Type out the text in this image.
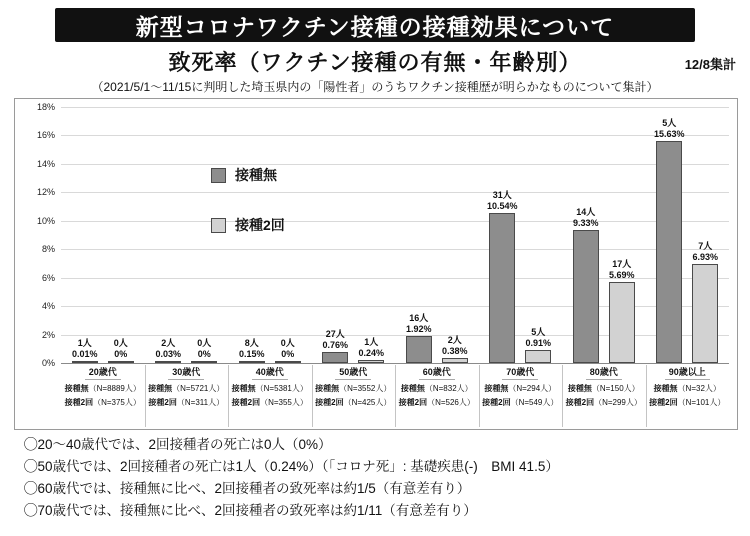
新型コロナワクチン接種の接種効果について
致死率（ワクチン接種の有無・年齢別）	12/8集計
（2021/5/1〜11/15に判明した埼玉県内の「陽性者」のうちワクチン接種歴が明らかなものについて集計）
0%
2%
4%
6%
8%
10%
12%
14%
16%
18%
1人
0.01%
0人
0%
2人
0.03%
0人
0%
8人
0.15%
0人
0%
27人
0.76%	1人
0.24%
16人
1.92%
2人
0.38%
31人
10.54%
5人
0.91%
14人
9.33%
17人
5.69%
5人
15.63%
7人
6.93%
接種無
接種2回
20歳代
接種無（N=8889人）
接種2回（N=375人）
30歳代
接種無（N=5721人）
接種2回（N=311人）
40歳代
接種無（N=5381人）
接種2回（N=355人）
50歳代
接種無（N=3552人）
接種2回（N=425人）
60歳代
接種無（N=832人）
接種2回（N=526人）
70歳代
接種無（N=294人）
接種2回（N=549人）
80歳代
接種無（N=150人）
接種2回（N=299人）
90歳以上
接種無（N=32人）
接種2回（N=101人）
◯20〜40歳代では、2回接種者の死亡は0人（0%）
◯50歳代では、2回接種者の死亡は1人（0.24%）（「コロナ死」: 基礎疾患(-)　BMI 41.5）
◯60歳代では、接種無に比べ、2回接種者の致死率は約1/5（有意差有り）
◯70歳代では、接種無に比べ、2回接種者の致死率は約1/11（有意差有り）
